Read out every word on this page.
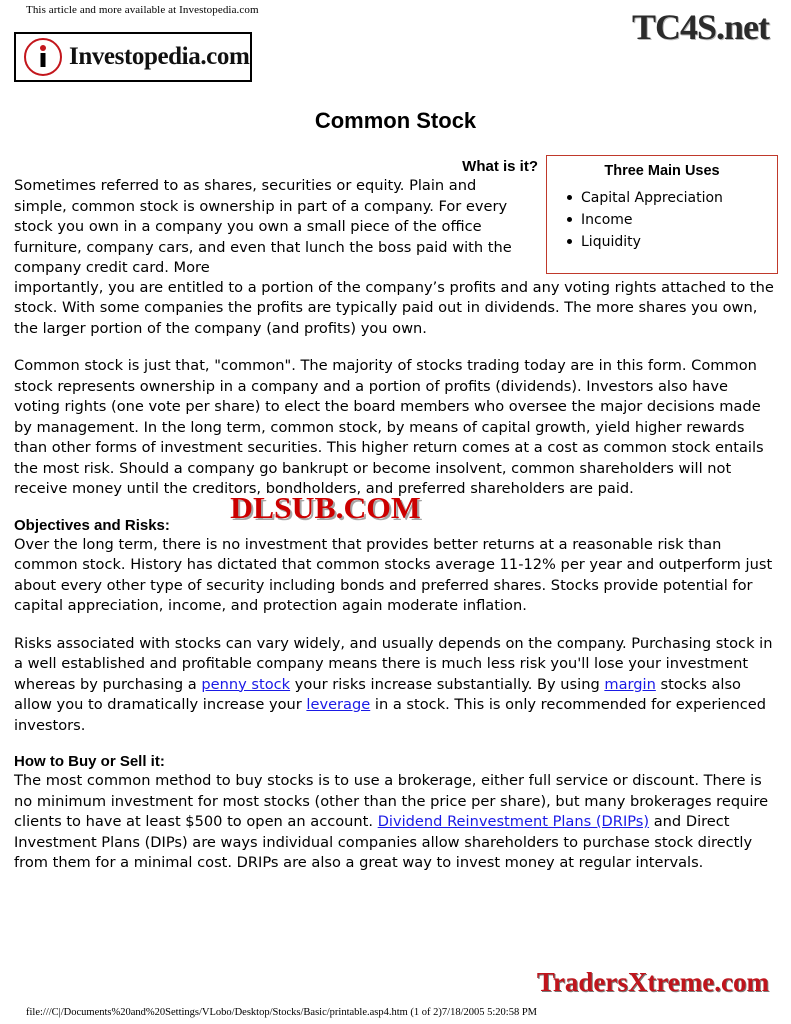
This article and more available at Investopedia.com	TC4S.net
Investopedia.com
Common Stock
What is it?	Three Main Uses
Capital Appreciation
Income
Liquidity

Sometimes referred to as shares, securities or equity. Plain and simple, common stock is ownership in part of a company. For every stock you own in a company you own a small piece of the office furniture, company cars, and even that lunch the boss paid with the company credit card. More

importantly, you are entitled to a portion of the company’s profits and any voting rights attached to the stock. With some companies the profits are typically paid out in dividends. The more shares you own, the larger portion of the company (and profits) you own.

Common stock is just that, "common". The majority of stocks trading today are in this form. Common stock represents ownership in a company and a portion of profits (dividends). Investors also have voting rights (one vote per share) to elect the board members who oversee the major decisions made by management. In the long term, common stock, by means of capital growth, yield higher rewards than other forms of investment securities. This higher return comes at a cost as common stock entails the most risk. Should a company go bankrupt or become insolvent, common shareholders will not receive money until the creditors, bondholders, and preferred shareholders are paid.

Objectives and Risks:

Over the long term, there is no investment that provides better returns at a reasonable risk than common stock. History has dictated that common stocks average 11-12% per year and outperform just about every other type of security including bonds and preferred shares. Stocks provide potential for capital appreciation, income, and protection again moderate inflation.

Risks associated with stocks can vary widely, and usually depends on the company. Purchasing stock in a well established and profitable company means there is much less risk you'll lose your investment whereas by purchasing a penny stock your risks increase substantially. By using margin stocks also allow you to dramatically increase your leverage in a stock. This is only recommended for experienced investors.

How to Buy or Sell it:

The most common method to buy stocks is to use a brokerage, either full service or discount. There is no minimum investment for most stocks (other than the price per share), but many brokerages require clients to have at least $500 to open an account. Dividend Reinvestment Plans (DRIPs) and Direct Investment Plans (DIPs) are ways individual companies allow shareholders to purchase stock directly from them for a minimal cost. DRIPs are also a great way to invest money at regular intervals.

DLSUB.COM
TradersXtreme.com
file:///C|/Documents%20and%20Settings/VLobo/Desktop/Stocks/Basic/printable.asp4.htm (1 of 2)7/18/2005 5:20:58 PM
